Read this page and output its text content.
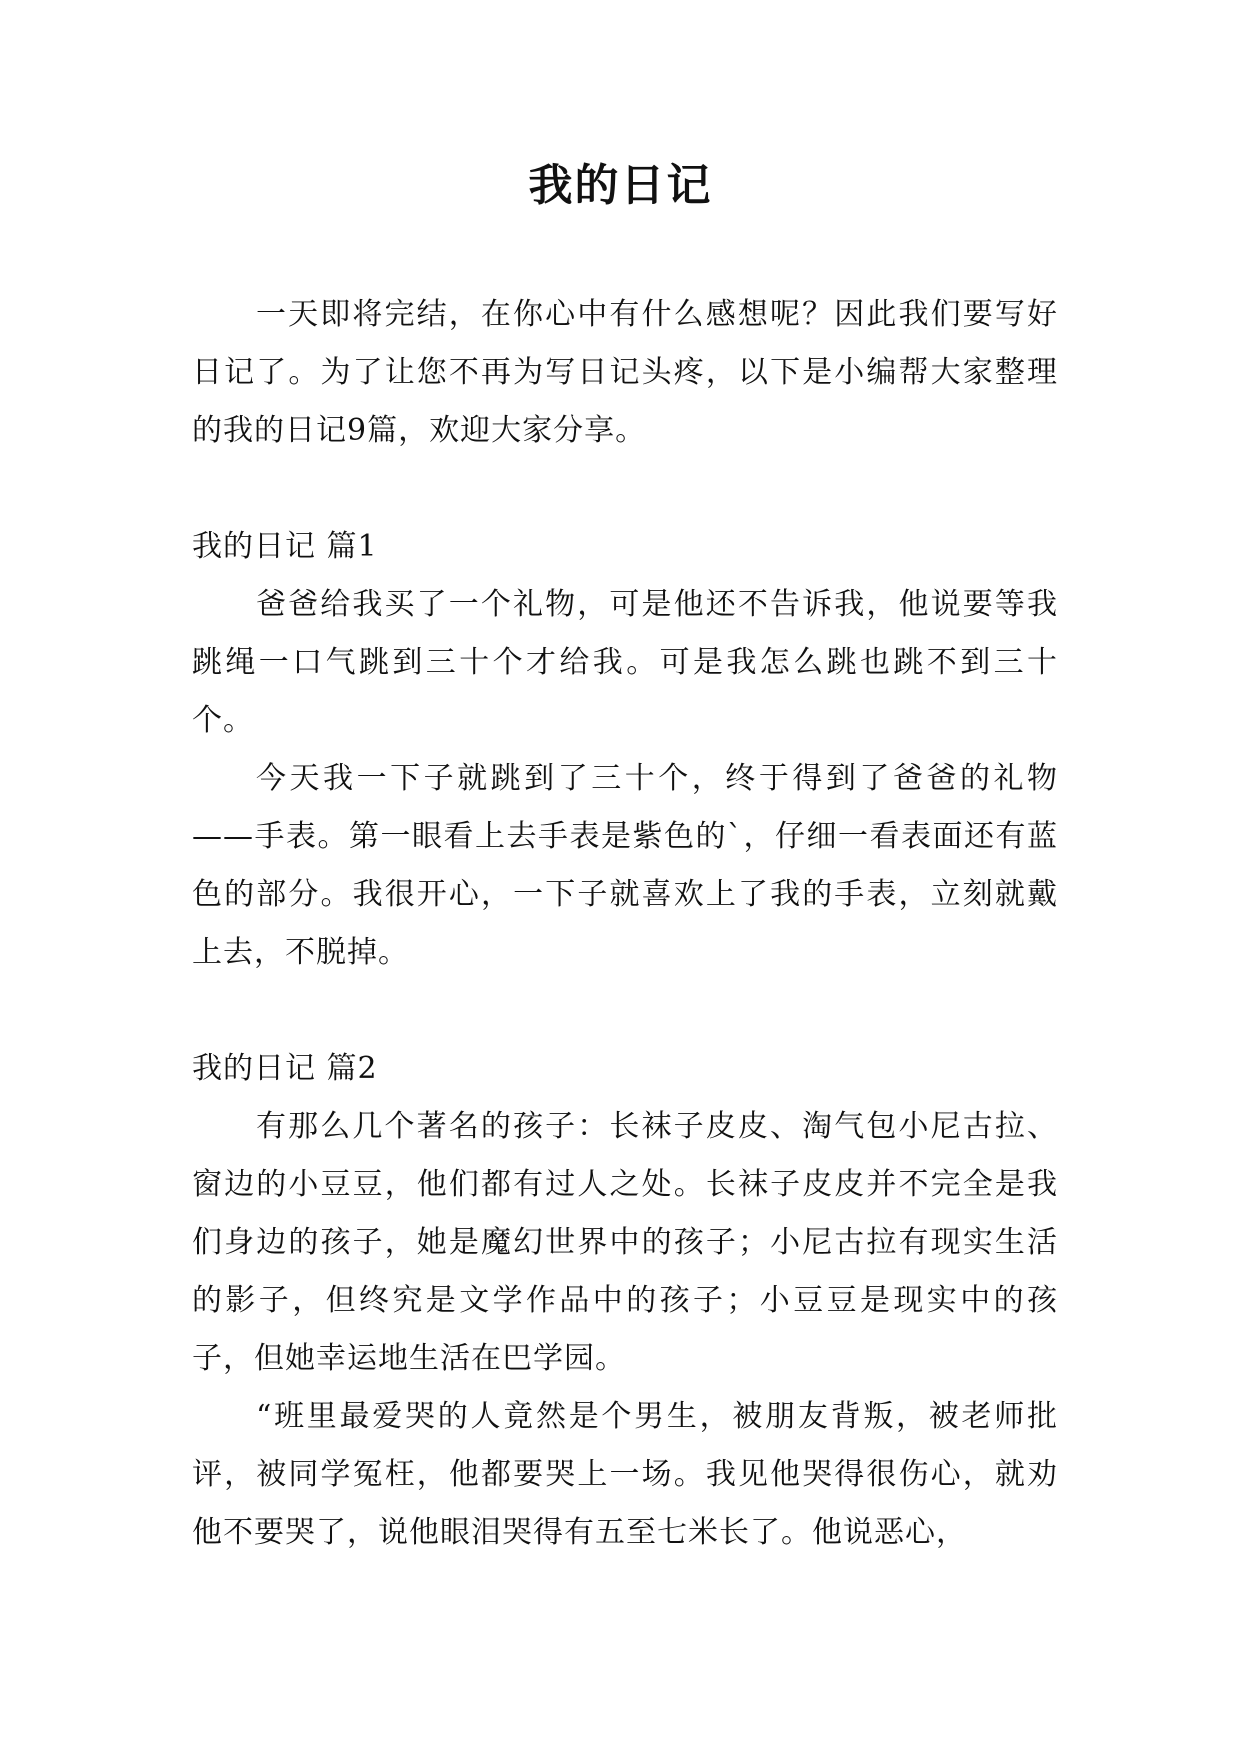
我的日记

一天即将完结，在你心中有什么感想呢？因此我们要写好日记了。为了让您不再为写日记头疼，以下是小编帮大家整理的我的日记9篇，欢迎大家分享。

我的日记 篇1

爸爸给我买了一个礼物，可是他还不告诉我，他说要等我跳绳一口气跳到三十个才给我。可是我怎么跳也跳不到三十个。

今天我一下子就跳到了三十个，终于得到了爸爸的礼物——手表。第一眼看上去手表是紫色的`，仔细一看表面还有蓝色的部分。我很开心，一下子就喜欢上了我的手表，立刻就戴上去，不脱掉。

我的日记 篇2

有那么几个著名的孩子：长袜子皮皮、淘气包小尼古拉、窗边的小豆豆，他们都有过人之处。长袜子皮皮并不完全是我们身边的孩子，她是魔幻世界中的孩子；小尼古拉有现实生活的影子，但终究是文学作品中的孩子；小豆豆是现实中的孩子，但她幸运地生活在巴学园。

“班里最爱哭的人竟然是个男生，被朋友背叛，被老师批评，被同学冤枉，他都要哭上一场。我见他哭得很伤心，就劝他不要哭了，说他眼泪哭得有五至七米长了。他说恶心，
